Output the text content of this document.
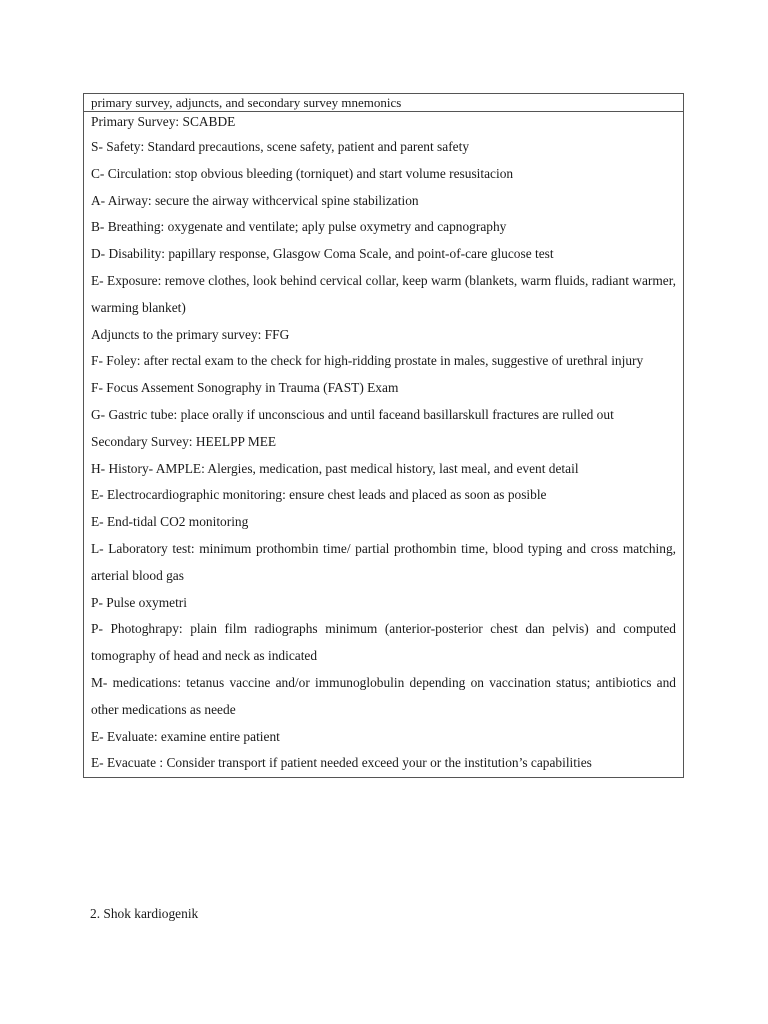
primary survey, adjuncts, and secondary survey mnemonics
Primary Survey: SCABDE
S- Safety: Standard precautions, scene safety, patient and parent safety
C- Circulation: stop obvious bleeding (torniquet) and start volume resusitacion
A- Airway: secure the airway withcervical spine stabilization
B- Breathing: oxygenate and ventilate; aply pulse oxymetry and capnography
D- Disability: papillary response, Glasgow Coma Scale, and point-of-care glucose test
E- Exposure: remove clothes, look behind cervical collar, keep warm (blankets, warm fluids, radiant warmer, warming blanket)
Adjuncts to the primary survey: FFG
F- Foley: after rectal exam to the check for high-ridding prostate in males, suggestive of urethral injury
F- Focus Assement Sonography in Trauma (FAST) Exam
G- Gastric tube: place orally if unconscious and until faceand basillarskull fractures are rulled out
Secondary Survey: HEELPP MEE
H- History- AMPLE: Alergies, medication, past medical history, last meal, and event detail
E- Electrocardiographic monitoring: ensure chest leads and placed as soon as posible
E- End-tidal CO2 monitoring
L- Laboratory test: minimum prothombin time/ partial prothombin time, blood typing and cross matching, arterial blood gas
P- Pulse oxymetri
P- Photoghrapy: plain film radiographs minimum (anterior-posterior chest dan pelvis) and computed tomography of head and neck as indicated
M- medications: tetanus vaccine and/or immunoglobulin depending on vaccination status; antibiotics and other medications as neede
E- Evaluate: examine entire patient
E- Evacuate : Consider transport if patient needed exceed your or the institution’s capabilities
2. Shok kardiogenik
